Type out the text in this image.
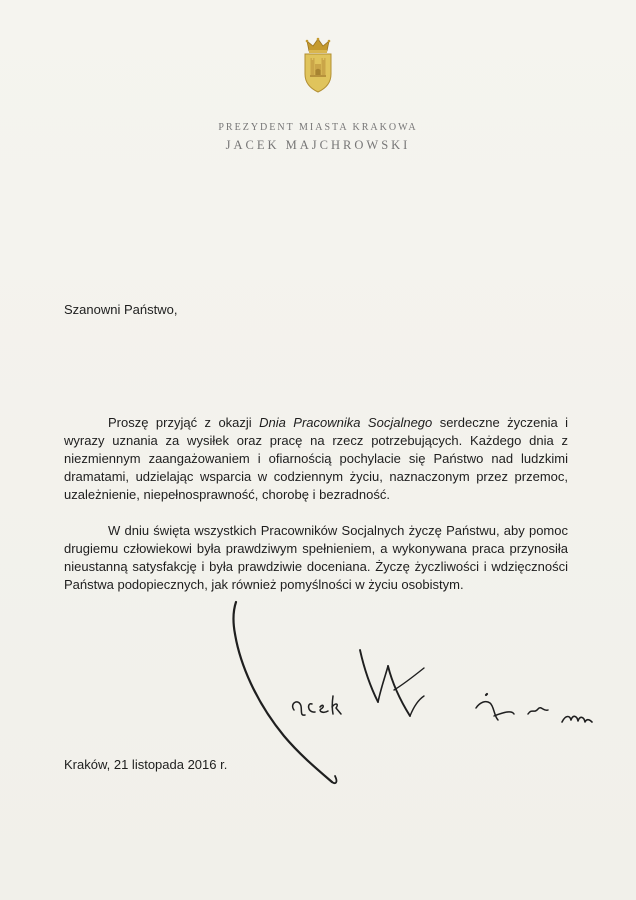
PREZYDENT MIASTA KRAKOWA
JACEK MAJCHROWSKI
Szanowni Państwo,

Proszę przyjąć z okazji Dnia Pracownika Socjalnego serdeczne życzenia i wyrazy uznania za wysiłek oraz pracę na rzecz potrzebujących. Każdego dnia z niezmiennym zaangażowaniem i ofiarnością pochylacie się Państwo nad ludzkimi dramatami, udzielając wsparcia w codziennym życiu, naznaczonym przez przemoc, uzależnienie, niepełnosprawność, chorobę i bezradność.

W dniu święta wszystkich Pracowników Socjalnych życzę Państwu, aby pomoc drugiemu człowiekowi była prawdziwym spełnieniem, a wykonywana praca przynosiła nieustanną satysfakcję i była prawdziwie doceniana. Życzę życzliwości i wdzięczności Państwa podopiecznych, jak również pomyślności w życiu osobistym.

Kraków, 21 listopada 2016 r.
